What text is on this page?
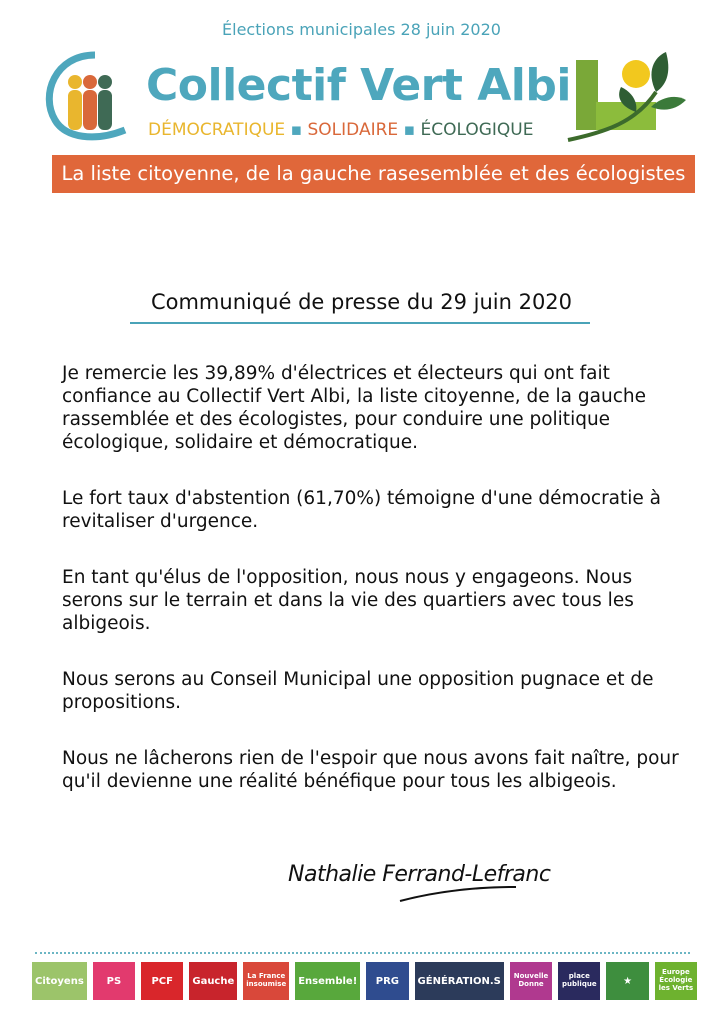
Élections municipales 28 juin 2020
Collectif Vert Albi
DÉMOCRATIQUE ▪ SOLIDAIRE ▪ ÉCOLOGIQUE
La liste citoyenne, de la gauche rasesemblée et des écologistes
Communiqué de presse du 29 juin 2020

Je remercie les 39,89% d'électrices et électeurs qui ont fait confiance au Collectif Vert Albi, la liste citoyenne, de la gauche rassemblée et des écologistes, pour conduire une politique écologique, solidaire et démocratique.

Le fort taux d'abstention (61,70%) témoigne d'une démocratie à revitaliser d'urgence.

En tant qu'élus de l'opposition, nous nous y engageons. Nous serons sur le terrain et dans la vie des quartiers avec tous les albigeois.

Nous serons au Conseil Municipal une opposition pugnace et de propositions.

Nous ne lâcherons rien de l'espoir que nous avons fait naître, pour qu'il devienne une réalité bénéfique pour tous les albigeois.

Nathalie Ferrand-Lefranc
Citoyens	PS	PCF	Gauche	La France insoumise	Ensemble!	PRG	GÉNÉRATION.S	Nouvelle Donne
place publique	★
Europe Écologie les Verts
